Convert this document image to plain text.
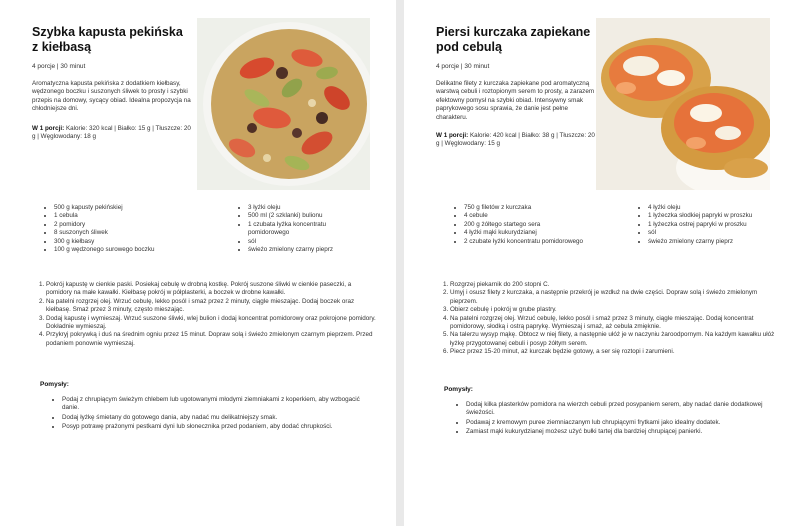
Szybka kapusta pekińska z kiełbasą
4 porcje | 30 minut
Aromatyczna kapusta pekińska z dodatkiem kiełbasy, wędzonego boczku i suszonych śliwek to prosty i szybki przepis na domowy, sycący obiad. Idealna propozycja na chłodniejsze dni.
W 1 porcji: Kalorie: 320 kcal | Białko: 15 g | Tłuszcze: 20 g | Węglowodany: 18 g
• 500 g kapusty pekińskiej
• 1 cebula
• 2 pomidory
• 8 suszonych śliwek
• 300 g kiełbasy
• 100 g wędzonego surowego boczku
• 3 łyżki oleju
• 500 ml (2 szklanki) bulionu
• 1 czubata łyżka koncentratu pomidorowego
• sól
• świeżo zmielony czarny pieprz
1. Pokrój kapustę w cienkie paski. Posiekaj cebulę w drobną kostkę. Pokrój suszone śliwki w cienkie paseczki, a pomidory na małe kawałki. Kiełbasę pokrój w półplasterki, a boczek w drobne kawałki.
2. Na patelni rozgrzej olej. Wrzuć cebulę, lekko posól i smaż przez 2 minuty, ciągle mieszając. Dodaj boczek oraz kiełbasę. Smaż przez 3 minuty, często mieszając.
3. Dodaj kapustę i wymieszaj. Wrzuć suszone śliwki, wlej bulion i dodaj koncentrat pomidorowy oraz pokrojone pomidory. Dokładnie wymieszaj.
4. Przykryj pokrywką i duś na średnim ogniu przez 15 minut. Dopraw solą i świeżo zmielonym czarnym pieprzem. Przed podaniem ponownie wymieszaj.
Pomysły:
• Podaj z chrupiącym świeżym chlebem lub ugotowanymi młodymi ziemniakami z koperkiem, aby wzbogacić danie.
• Dodaj łyżkę śmietany do gotowego dania, aby nadać mu delikatniejszy smak.
• Posyp potrawę prażonymi pestkami dyni lub słonecznika przed podaniem, aby dodać chrupkości.
Piersi kurczaka zapiekane pod cebulą
4 porcje | 30 minut
Delikatne filety z kurczaka zapiekane pod aromatyczną warstwą cebuli i roztopionym serem to prosty, a zarazem efektowny pomysł na szybki obiad. Intensywny smak paprykowego sosu sprawia, że danie jest pełne charakteru.
W 1 porcji: Kalorie: 420 kcal | Białko: 38 g | Tłuszcze: 20 g | Węglowodany: 15 g
• 750 g filetów z kurczaka
• 4 cebule
• 200 g żółtego startego sera
• 4 łyżki mąki kukurydzianej
• 2 czubate łyżki koncentratu pomidorowego
• 4 łyżki oleju
• 1 łyżeczka słodkiej papryki w proszku
• 1 łyżeczka ostrej papryki w proszku
• sól
• świeżo zmielony czarny pieprz
1. Rozgrzej piekarnik do 200 stopni C.
2. Umyj i osusz filety z kurczaka, a następnie przekrój je wzdłuż na dwie części. Dopraw solą i świeżo zmielonym pieprzem.
3. Obierz cebulę i pokrój w grube plastry.
4. Na patelni rozgrzej olej. Wrzuć cebulę, lekko posól i smaż przez 3 minuty, ciągle mieszając. Dodaj koncentrat pomidorowy, słodką i ostrą paprykę. Wymieszaj i smaż, aż cebula zmięknie.
5. Na talerzu wysyp mąkę. Obtocz w niej filety, a następnie ułóż je w naczyniu żaroodpornym. Na każdym kawałku ułóż łyżkę przygotowanej cebuli i posyp żółtym serem.
6. Piecz przez 15-20 minut, aż kurczak będzie gotowy, a ser się roztopi i zarumieni.
Pomysły:
• Dodaj kilka plasterków pomidora na wierzch cebuli przed posypaniem serem, aby nadać danie dodatkowej świeżości.
• Podawaj z kremowym puree ziemniaczanym lub chrupiącymi frytkami jako idealny dodatek.
• Zamiast mąki kukurydzianej możesz użyć bułki tartej dla bardziej chrupiącej panierki.
